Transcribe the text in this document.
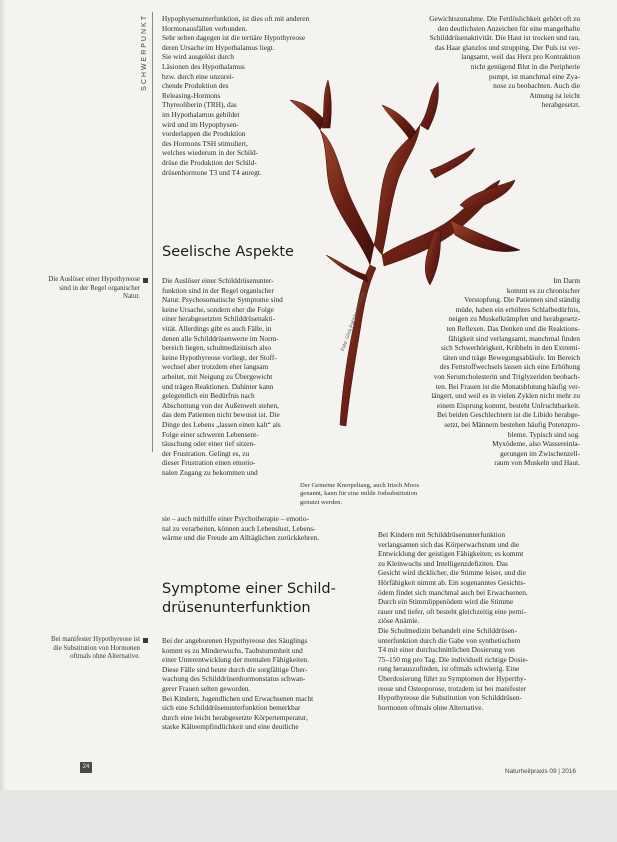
SCHWERPUNKT Hypophysenunterfunktion, ist dies oft mit anderen

Hormonausfällen verbunden.

Sehr selten dagegen ist die tertiäre Hypothyreose

deren Ursache im Hypothalamus liegt.

Sie wird ausgelöst durch

Läsionen des Hypothalamus

bzw. durch eine unzurei-

chende Produktion des

Releasing-Hormons

Thyreoliberin (TRH), das

im Hypothalamus gebildet

wird und im Hypophysen-

vorderlappen die Produktion

des Hormons TSH stimuliert,

welches wiederum in der Schild-

drüse die Produktion der Schild-

drüsenhormone T3 und T4 anregt.

Gewichtszunahme. Die Fettlöslichkeit gehört oft zu

den deutlichsten Anzeichen für eine mangelhafte

Schilddrüsenaktivität. Die Haut ist trocken und rau,

das Haar glanzlos und strupping. Der Puls ist ver-

langsamt, weil das Herz pro Kontraktion

nicht genügend Blut in die Peripherie

pumpt, ist manchmal eine Zya-

nose zu beobachten. Auch die

Atmung ist leicht

herabgesetzt.

Foto: Gina Pahnke-Wohlrab
Seelische Aspekte
Die Auslöser einer Hypothyreose sind in der Regel organischer Natur.

Die Auslöser einer Schilddrüsenunter-

funktion sind in der Regel organischer

Natur. Psychosomatische Symptome sind

keine Ursache, sondern eher die Folge

einer herabgesetzten Schilddrüsenakti-

vität. Allerdings gibt es auch Fälle, in

denen alle Schilddrüsenwerte im Norm-

bereich liegen, schulmedizinisch also

keine Hypothyreose vorliegt, der Stoff-

wechsel aber trotzdem eher langsam

arbeitet, mit Neigung zu Übergewicht

und trägen Reaktionen. Dahinter kann

gelegentlich ein Bedürfnis nach

Abschottung von der Außenwelt stehen,

das dem Patienten nicht bewusst ist. Die

Dinge des Lebens „lassen einen kalt“ als

Folge einer schweren Lebensent-

täuschung oder einer tief sitzen-

der Frustration. Gelingt es, zu

dieser Frustration einen emotio-

nalen Zugang zu bekommen und

sie – auch mithilfe einer Psychotherapie – emotio-

nal zu verarbeiten, können auch Lebenslust, Lebens-

wärme und die Freude am Alltäglichen zurückkehren.

Der Gemeine Knorpeltang, auch Irisch Moos genannt, kann für eine milde Jodsubstitution genutzt werden.

Im Darm

kommt es zu chronischer

Verstopfung. Die Patienten sind ständig

müde, haben ein erhöhtes Schlafbedürfnis,

neigen zu Muskelkrämpfen und herabgesetz-

ten Reflexen. Das Denken und die Reaktions-

fähigkeit sind verlangsamt, manchmal finden

sich Schwerhörigkeit, Kribbeln in den Extremi-

täten und träge Bewegungsabläufe. Im Bereich

des Fettstoffwechsels lassen sich eine Erhöhung

von Serumcholesterin und Triglyzeriden beobach-

ten. Bei Frauen ist die Monatsblutung häufig ver-

längert, und weil es in vielen Zyklen nicht mehr zu

einem Eisprung kommt, besteht Unfruchtbarkeit.

Bei beiden Geschlechtern ist die Libido herabge-

setzt, bei Männern bestehen häufig Potenzpro-

bleme. Typisch sind sog.

Myxödeme, also Wassereinla-

gerungen im Zwischenzell-

raum von Muskeln und Haut.

Symptome einer Schild-
drüsenunterfunktion
Bei manifester Hypothyreose ist die Substitution von Hormonen oftmals ohne Alternative.

Bei der angeborenen Hypothyreose des Säuglings

kommt es zu Minderwuchs, Taubstummheit und

einer Unterentwicklung der mentalen Fähigkeiten.

Diese Fälle sind heute durch die sorgfältige Über-

wachung des Schilddrüsenhormonstatus schwan-

gerer Frauen selten geworden.

Bei Kindern, Jugendlichen und Erwachsenen macht

sich eine Schilddrüsenunterfunktion bemerkbar

durch eine leicht herabgesetzte Körpertemperatur,

starke Kälteempfindlichkeit und eine deutliche

Bei Kindern mit Schilddrüsenunterfunktion

verlangsamen sich das Körperwachstum und die

Entwicklung der geistigen Fähigkeiten; es kommt

zu Kleinwuchs und Intelligenzdefiziten. Das

Gesicht wird dicklicher, die Stimme leiser, und die

Hörfähigkeit nimmt ab. Ein sogenanntes Gesichts-

ödem findet sich manchmal auch bei Erwachsenen.

Durch ein Stimmlippenödem wird die Stimme

rauer und tiefer, oft besteht gleichzeitig eine perni-

ziöse Anämie.

Die Schulmedizin behandelt eine Schilddrüsen-

unterfunktion durch die Gabe von synthetischem

T4 mit einer durchschnittlichen Dosierung von

75–150 mg pro Tag. Die individuell richtige Dosie-

rung herauszufinden, ist oftmals schwierig. Eine

Überdosierung führt zu Symptomen der Hyperthy-

reose und Osteoporose, trotzdem ist bei manifester

Hypothyreose die Substitution von Schilddrüsen-

hormonen oftmals ohne Alternative.

24
Naturheilpraxis 09 | 2016
